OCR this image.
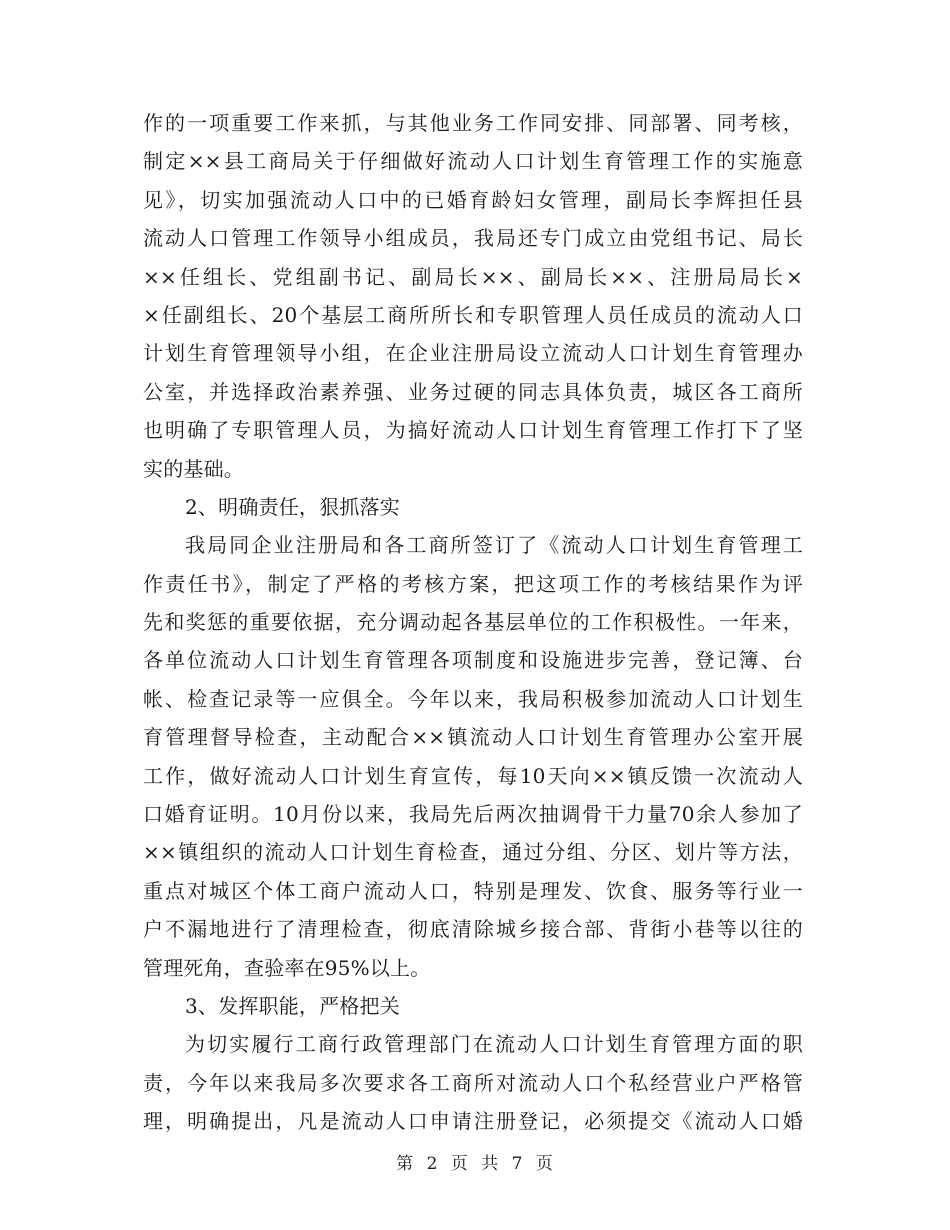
作的一项重要工作来抓，与其他业务工作同安排、同部署、同考核，
制定××县工商局关于仔细做好流动人口计划生育管理工作的实施意
见》，切实加强流动人口中的已婚育龄妇女管理，副局长李辉担任县
流动人口管理工作领导小组成员，我局还专门成立由党组书记、局长
××任组长、党组副书记、副局长××、副局长××、注册局局长×
×任副组长、20个基层工商所所长和专职管理人员任成员的流动人口
计划生育管理领导小组，在企业注册局设立流动人口计划生育管理办
公室，并选择政治素养强、业务过硬的同志具体负责，城区各工商所
也明确了专职管理人员，为搞好流动人口计划生育管理工作打下了坚
实的基础。
2、明确责任，狠抓落实
我局同企业注册局和各工商所签订了《流动人口计划生育管理工
作责任书》，制定了严格的考核方案，把这项工作的考核结果作为评
先和奖惩的重要依据，充分调动起各基层单位的工作积极性。一年来，
各单位流动人口计划生育管理各项制度和设施进步完善，登记簿、台
帐、检查记录等一应俱全。今年以来，我局积极参加流动人口计划生
育管理督导检查，主动配合××镇流动人口计划生育管理办公室开展
工作，做好流动人口计划生育宣传，每10天向××镇反馈一次流动人
口婚育证明。10月份以来，我局先后两次抽调骨干力量70余人参加了
××镇组织的流动人口计划生育检查，通过分组、分区、划片等方法，
重点对城区个体工商户流动人口，特别是理发、饮食、服务等行业一
户不漏地进行了清理检查，彻底清除城乡接合部、背街小巷等以往的
管理死角，查验率在95%以上。
3、发挥职能，严格把关
为切实履行工商行政管理部门在流动人口计划生育管理方面的职
责，今年以来我局多次要求各工商所对流动人口个私经营业户严格管
理，明确提出，凡是流动人口申请注册登记，必须提交《流动人口婚
第 2 页 共 7 页
